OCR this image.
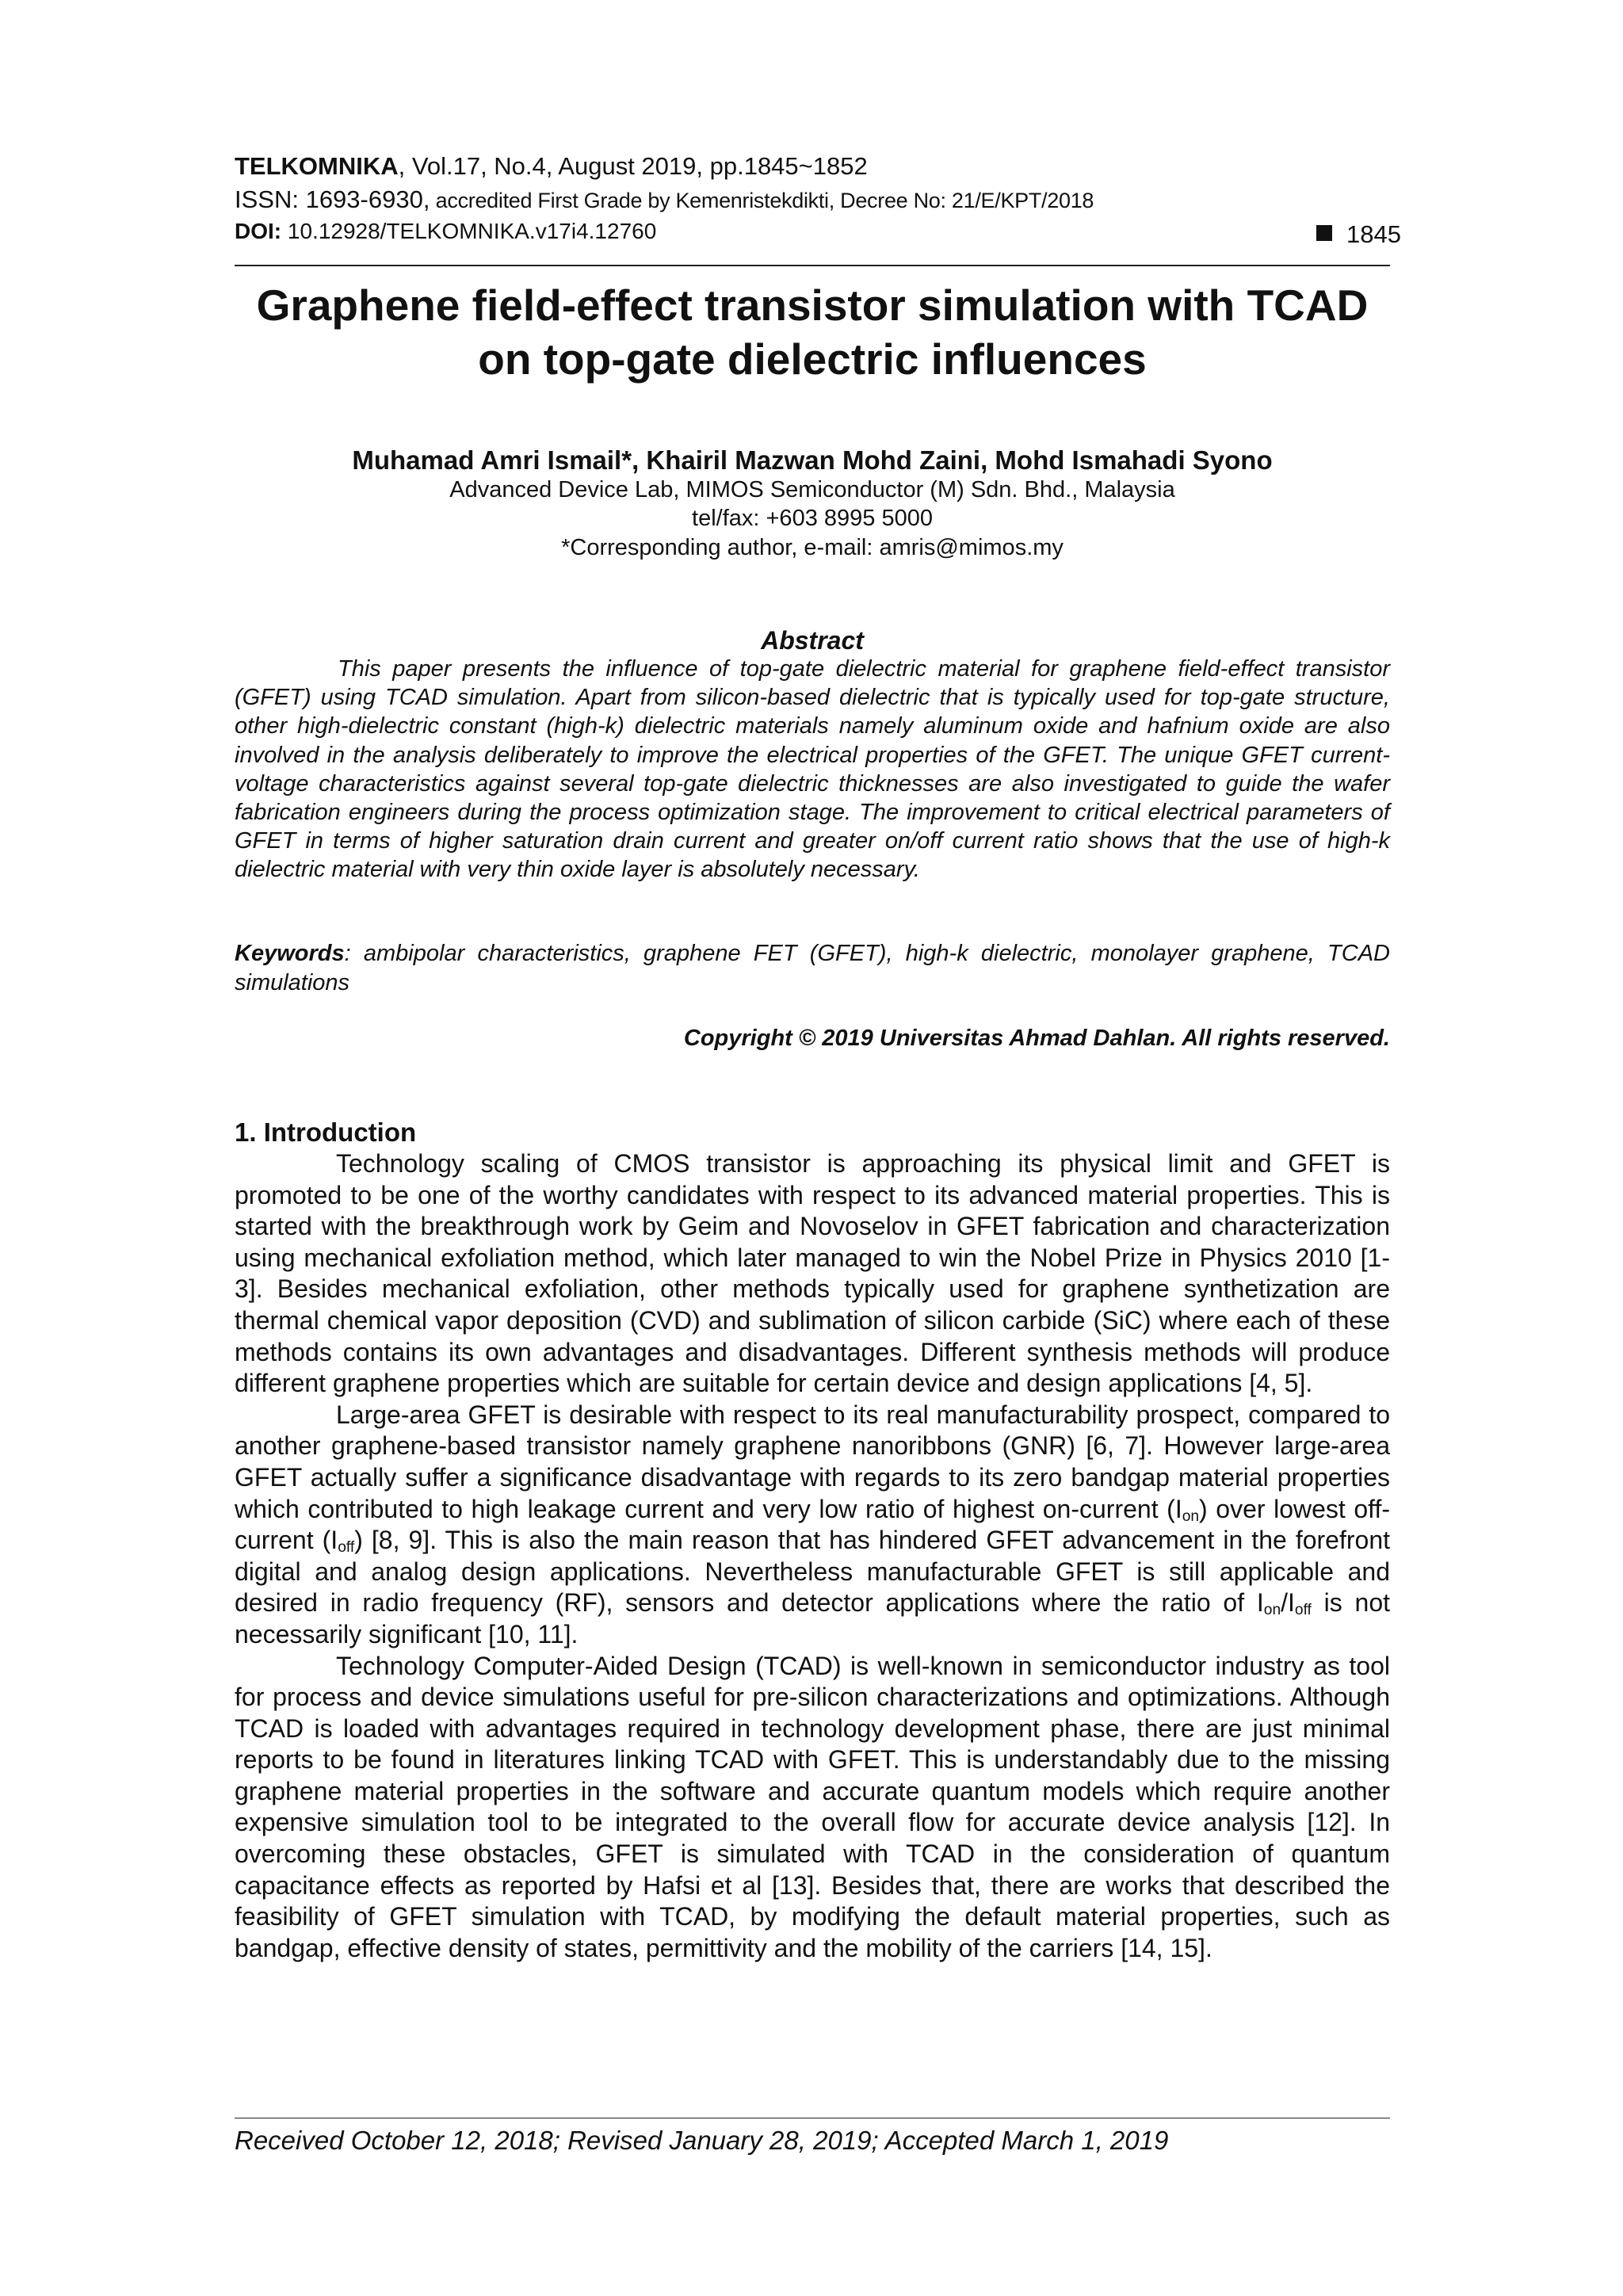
TELKOMNIKA, Vol.17, No.4, August 2019, pp.1845~1852
ISSN: 1693-6930, accredited First Grade by Kemenristekdikti, Decree No: 21/E/KPT/2018
DOI: 10.12928/TELKOMNIKA.v17i4.12760	1845
Graphene field-effect transistor simulation with TCAD
on top-gate dielectric influences
Muhamad Amri Ismail*, Khairil Mazwan Mohd Zaini, Mohd Ismahadi Syono
Advanced Device Lab, MIMOS Semiconductor (M) Sdn. Bhd., Malaysia
tel/fax: +603 8995 5000
*Corresponding author, e-mail: amris@mimos.my
Abstract

This paper presents the influence of top-gate dielectric material for graphene field-effect transistor (GFET) using TCAD simulation. Apart from silicon-based dielectric that is typically used for top-gate structure, other high-dielectric constant (high-k) dielectric materials namely aluminum oxide and hafnium oxide are also involved in the analysis deliberately to improve the electrical properties of the GFET. The unique GFET current-voltage characteristics against several top-gate dielectric thicknesses are also investigated to guide the wafer fabrication engineers during the process optimization stage. The improvement to critical electrical parameters of GFET in terms of higher saturation drain current and greater on/off current ratio shows that the use of high-k dielectric material with very thin oxide layer is absolutely necessary.

Keywords: ambipolar characteristics, graphene FET (GFET), high-k dielectric, monolayer graphene, TCAD simulations

Copyright © 2019 Universitas Ahmad Dahlan. All rights reserved.
1. Introduction

Technology scaling of CMOS transistor is approaching its physical limit and GFET is promoted to be one of the worthy candidates with respect to its advanced material properties. This is started with the breakthrough work by Geim and Novoselov in GFET fabrication and characterization using mechanical exfoliation method, which later managed to win the Nobel Prize in Physics 2010 [1-3]. Besides mechanical exfoliation, other methods typically used for graphene synthetization are thermal chemical vapor deposition (CVD) and sublimation of silicon carbide (SiC) where each of these methods contains its own advantages and disadvantages. Different synthesis methods will produce different graphene properties which are suitable for certain device and design applications [4, 5].

Large-area GFET is desirable with respect to its real manufacturability prospect, compared to another graphene-based transistor namely graphene nanoribbons (GNR) [6, 7]. However large-area GFET actually suffer a significance disadvantage with regards to its zero bandgap material properties which contributed to high leakage current and very low ratio of highest on-current $(I_{on})$ over lowest off-current $(I_{off})$ [8, 9]. This is also the main reason that has hindered GFET advancement in the forefront digital and analog design applications. Nevertheless manufacturable GFET is still applicable and desired in radio frequency (RF), sensors and detector applications where the ratio of $I_{on}/I_{off}$ is not necessarily significant [10, 11].

Technology Computer-Aided Design (TCAD) is well-known in semiconductor industry as tool for process and device simulations useful for pre-silicon characterizations and optimizations. Although TCAD is loaded with advantages required in technology development phase, there are just minimal reports to be found in literatures linking TCAD with GFET. This is understandably due to the missing graphene material properties in the software and accurate quantum models which require another expensive simulation tool to be integrated to the overall flow for accurate device analysis [12]. In overcoming these obstacles, GFET is simulated with TCAD in the consideration of quantum capacitance effects as reported by Hafsi et al [13]. Besides that, there are works that described the feasibility of GFET simulation with TCAD, by modifying the default material properties, such as bandgap, effective density of states, permittivity and the mobility of the carriers [14, 15].

Received October 12, 2018; Revised January 28, 2019; Accepted March 1, 2019
